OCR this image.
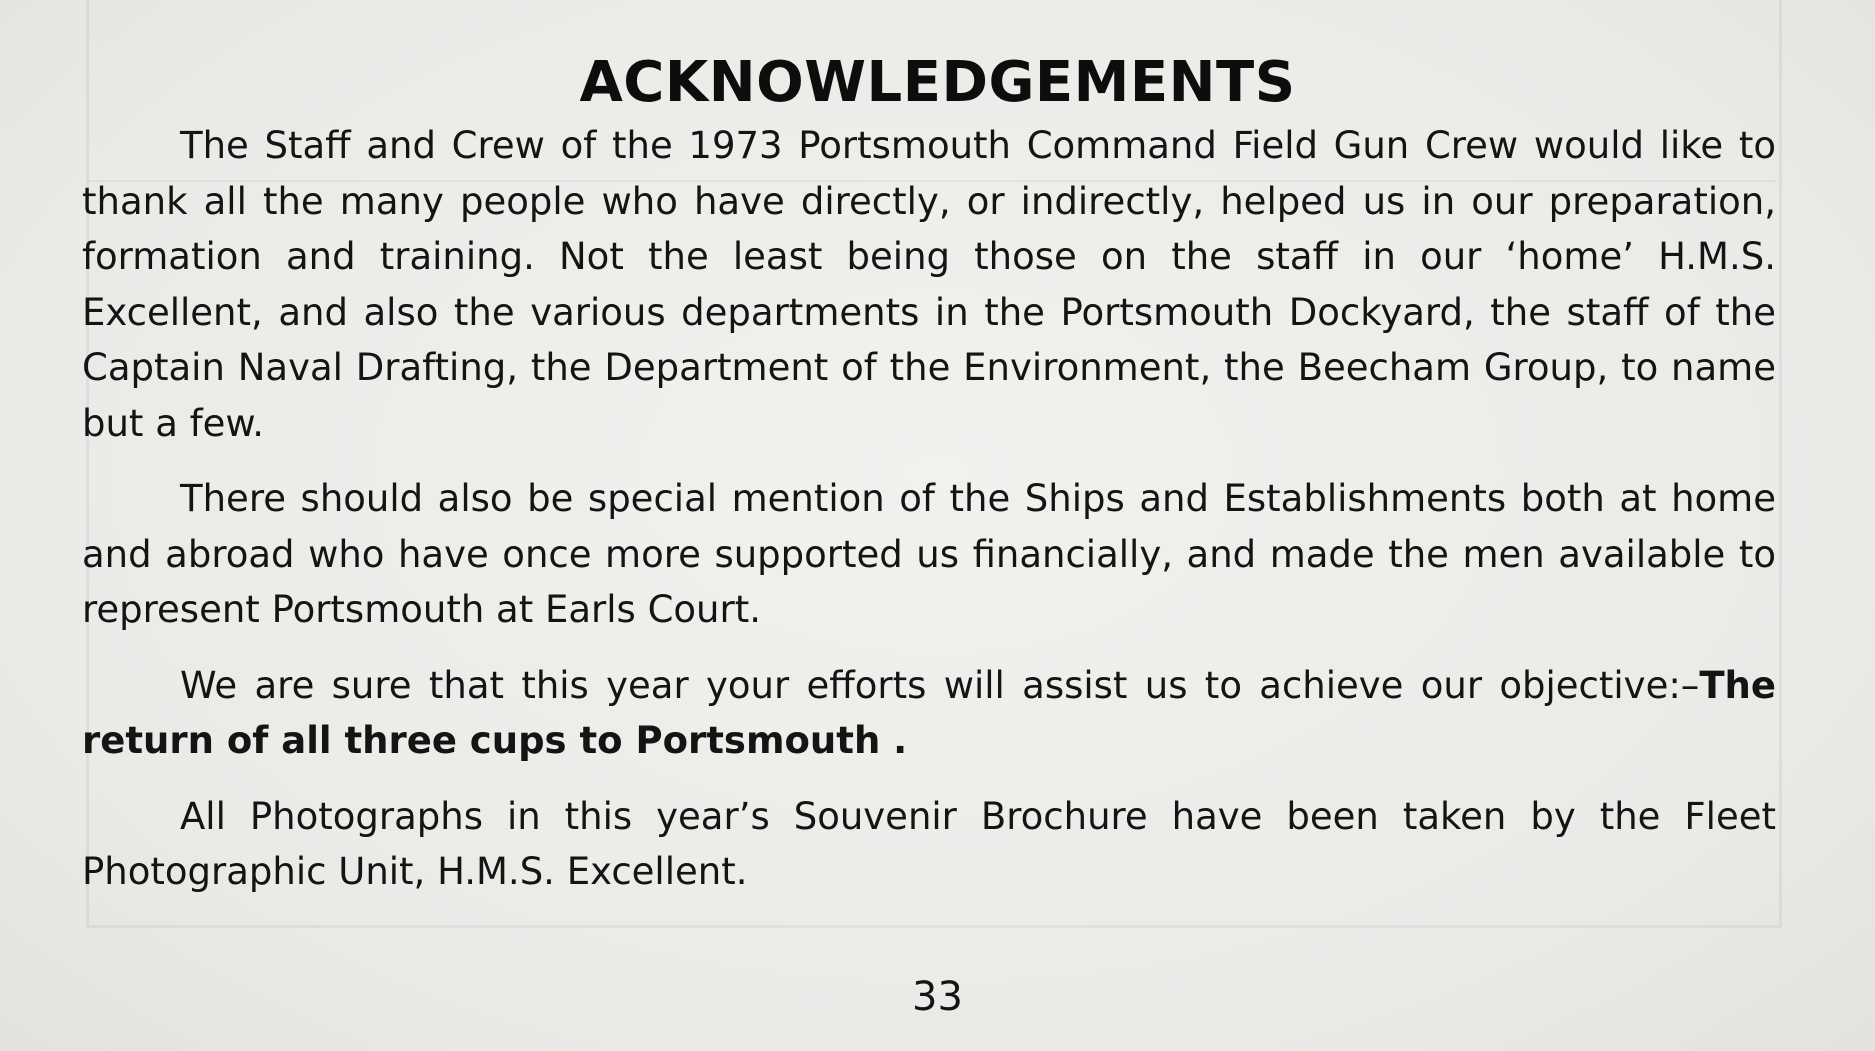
ACKNOWLEDGEMENTS

The Staff and Crew of the 1973 Portsmouth Command Field Gun Crew would like to thank all the many people who have directly, or indirectly, helped us in our preparation, formation and training. Not the least being those on the staff in our ‘home’ H.M.S. Excellent, and also the various departments in the Portsmouth Dockyard, the staff of the Captain Naval Drafting, the Department of the Environment, the Beecham Group, to name but a few.

There should also be special mention of the Ships and Establishments both at home and abroad who have once more supported us financially, and made the men available to represent Portsmouth at Earls Court.

We are sure that this year your efforts will assist us to achieve our objective:–The return of all three cups to Portsmouth .

All Photographs in this year’s Souvenir Brochure have been taken by the Fleet Photographic Unit, H.M.S. Excellent.

33
